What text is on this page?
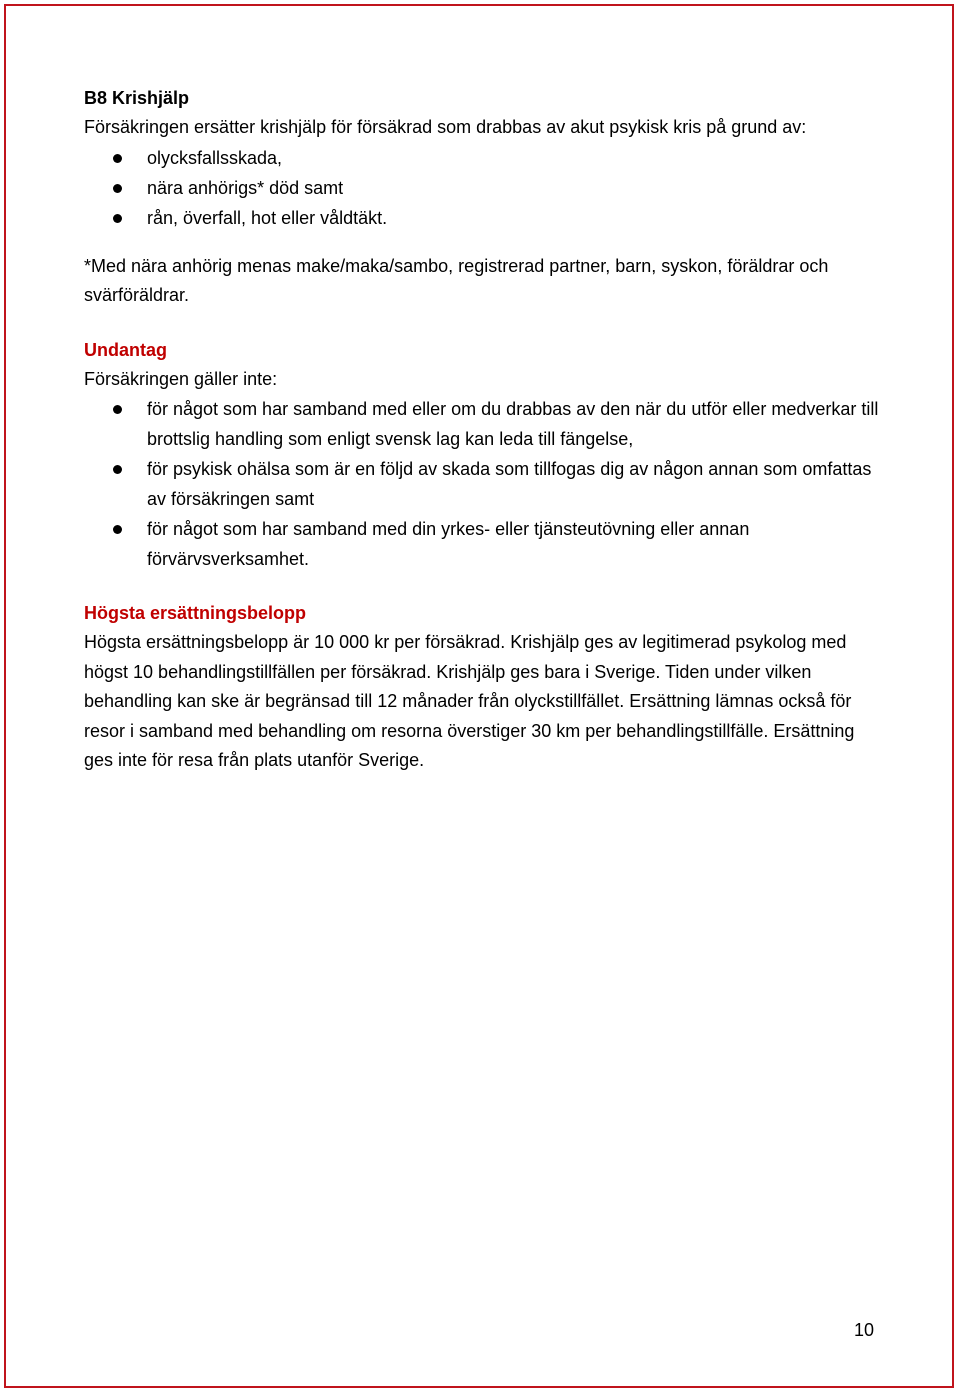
B8 Krishjälp

Försäkringen ersätter krishjälp för försäkrad som drabbas av akut psykisk kris på grund av:

olycksfallsskada,
nära anhörigs* död samt
rån, överfall, hot eller våldtäkt.

*Med nära anhörig menas make/maka/sambo, registrerad partner, barn, syskon, föräldrar och svärföräldrar.

Undantag

Försäkringen gäller inte:

för något som har samband med eller om du drabbas av den när du utför eller medverkar till brottslig handling som enligt svensk lag kan leda till fängelse,
för psykisk ohälsa som är en följd av skada som tillfogas dig av någon annan som omfattas av försäkringen samt
för något som har samband med din yrkes- eller tjänsteutövning eller annan förvärvsverksamhet.
Högsta ersättningsbelopp

Högsta ersättningsbelopp är 10 000 kr per försäkrad. Krishjälp ges av legitimerad psykolog med högst 10 behandlingstillfällen per försäkrad. Krishjälp ges bara i Sverige. Tiden under vilken behandling kan ske är begränsad till 12 månader från olyckstillfället. Ersättning lämnas också för resor i samband med behandling om resorna överstiger 30 km per behandlingstillfälle. Ersättning ges inte för resa från plats utanför Sverige.

10
